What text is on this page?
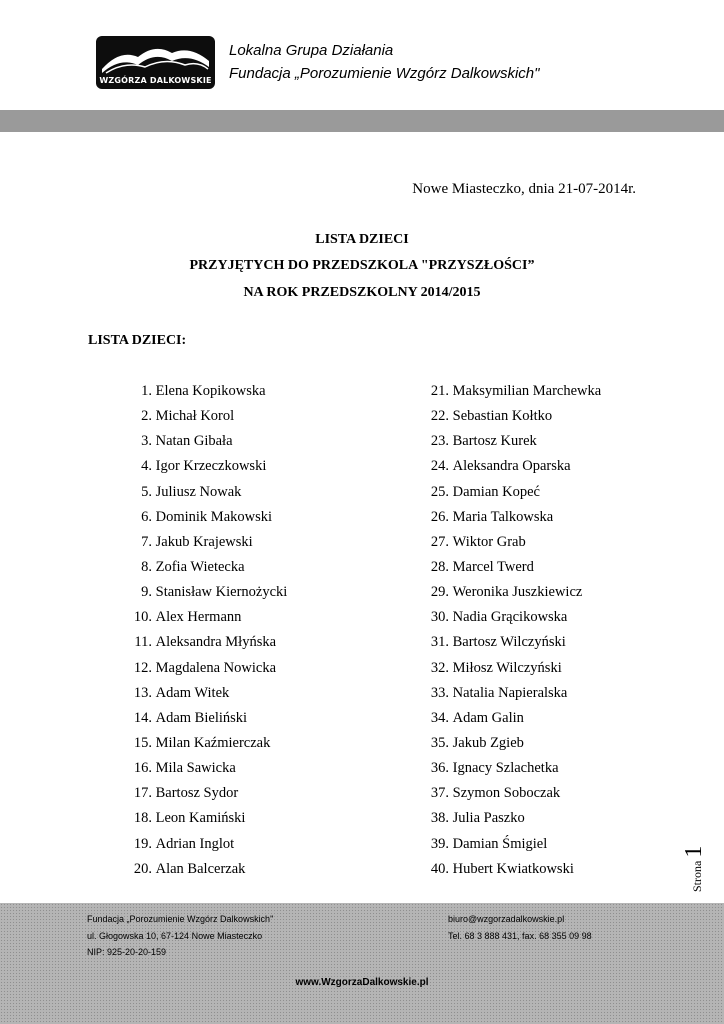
WZGÓRZA DALKOWSKIE
Lokalna Grupa Działania
Fundacja „Porozumienie Wzgórz Dalkowskich"
Nowe Miasteczko, dnia 21-07-2014r.
LISTA DZIECI
PRZYJĘTYCH DO PRZEDSZKOLA "PRZYSZŁOŚCI”
NA ROK PRZEDSZKOLNY 2014/2015
LISTA DZIECI:
1. Elena Kopikowska
2. Michał Korol
3. Natan Gibała
4. Igor Krzeczkowski
5. Juliusz Nowak
6. Dominik Makowski
7. Jakub Krajewski
8. Zofia Wietecka
9. Stanisław Kiernożycki
10. Alex Hermann
11. Aleksandra Młyńska
12. Magdalena Nowicka
13. Adam Witek
14. Adam Bieliński
15. Milan Kaźmierczak
16. Mila Sawicka
17. Bartosz Sydor
18. Leon Kamiński
19. Adrian Inglot
20. Alan Balcerzak
21. Maksymilian Marchewka
22. Sebastian Kołtko
23. Bartosz Kurek
24. Aleksandra Oparska
25. Damian Kopeć
26. Maria Talkowska
27. Wiktor Grab
28. Marcel Twerd
29. Weronika Juszkiewicz
30. Nadia Grącikowska
31. Bartosz Wilczyński
32. Miłosz Wilczyński
33. Natalia Napieralska
34. Adam Galin
35. Jakub Zgieb
36. Ignacy Szlachetka
37. Szymon Soboczak
38. Julia Paszko
39. Damian Śmigiel
40. Hubert Kwiatkowski	Strona1
Fundacja „Porozumienie Wzgórz Dalkowskich"
ul. Głogowska 10, 67-124 Nowe Miasteczko
NIP: 925-20-20-159
biuro@wzgorzadalkowskie.pl
Tel. 68 3 888 431, fax. 68 355 09 98
www.WzgorzaDalkowskie.pl
